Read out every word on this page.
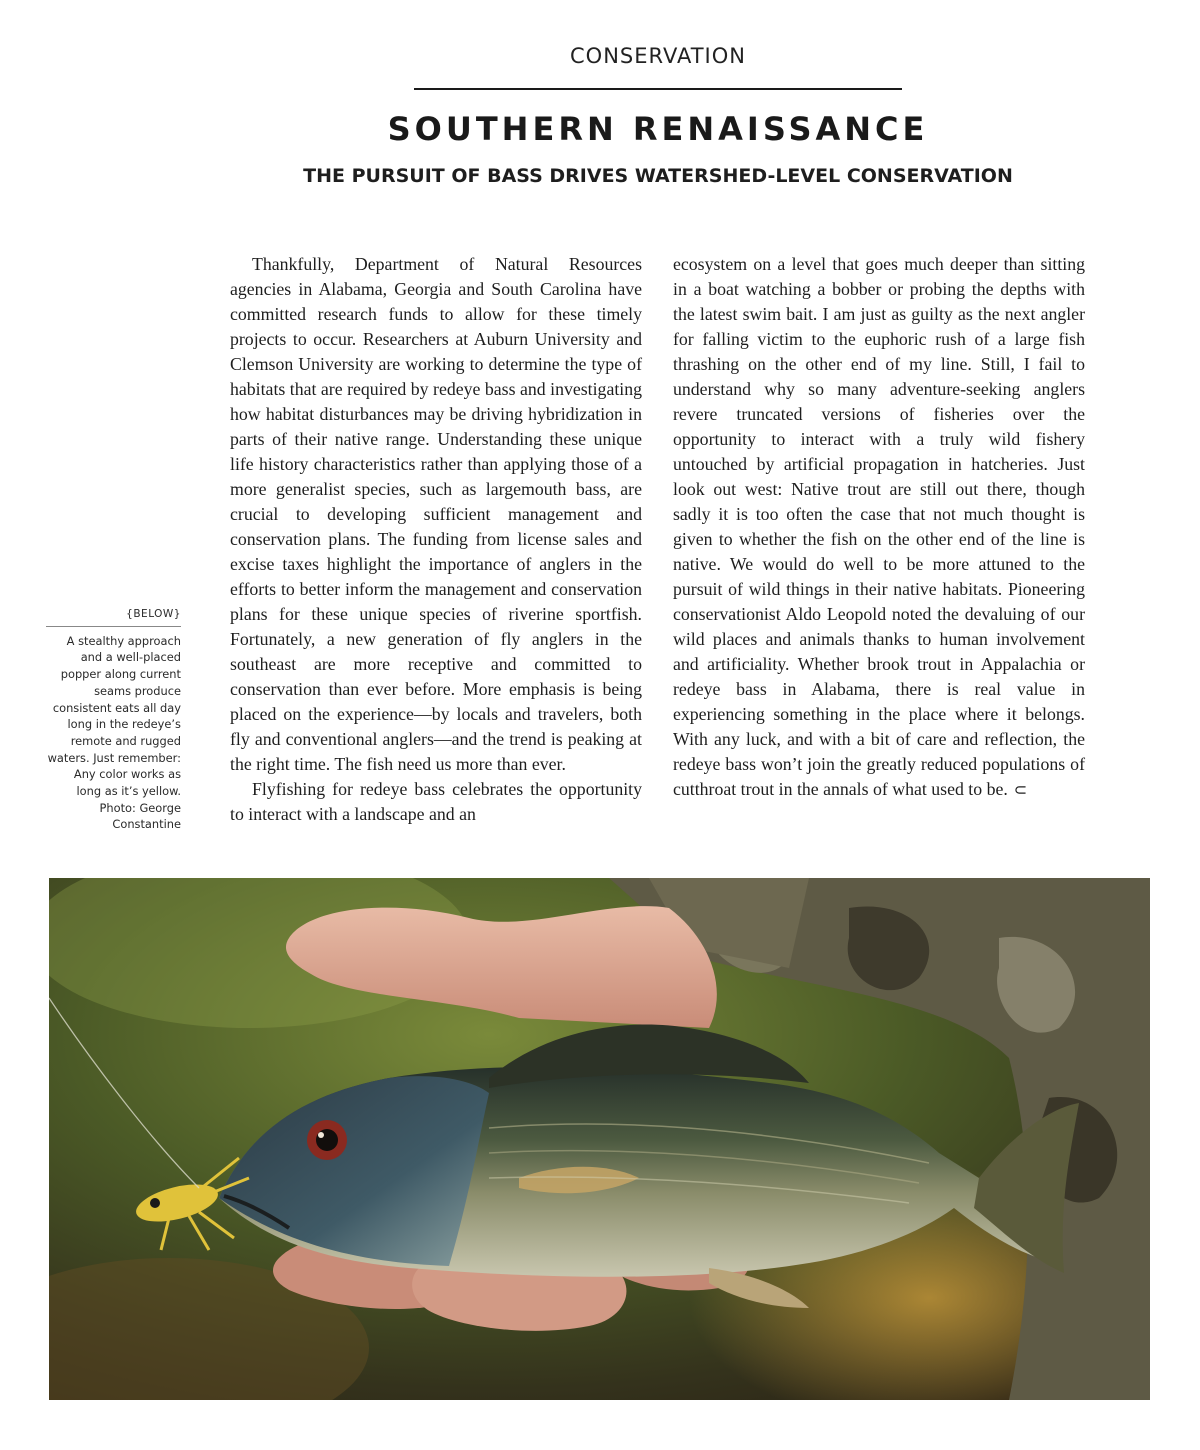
CONSERVATION
SOUTHERN RENAISSANCE
THE PURSUIT OF BASS DRIVES WATERSHED-LEVEL CONSERVATION
{BELOW}
A stealthy approach and a well-placed popper along current seams produce consistent eats all day long in the redeye’s remote and rugged waters. Just remember: Any color works as long as it’s yellow. Photo: George Constantine

Thankfully, Department of Natural Resources agencies in Alabama, Georgia and South Carolina have committed research funds to allow for these timely projects to occur. Researchers at Auburn University and Clemson University are working to determine the type of habitats that are required by redeye bass and investigating how habitat disturbances may be driving hybridization in parts of their native range. Understanding these unique life history characteristics rather than applying those of a more generalist species, such as largemouth bass, are crucial to developing sufficient management and conservation plans. The funding from license sales and excise taxes highlight the importance of anglers in the efforts to better inform the management and conservation plans for these unique species of riverine sportfish. Fortunately, a new generation of fly anglers in the southeast are more receptive and committed to conservation than ever before. More emphasis is being placed on the experience—by locals and travelers, both fly and conventional anglers—and the trend is peaking at the right time. The fish need us more than ever.

Flyfishing for redeye bass celebrates the opportunity to interact with a landscape and an

ecosystem on a level that goes much deeper than sitting in a boat watching a bobber or probing the depths with the latest swim bait. I am just as guilty as the next angler for falling victim to the euphoric rush of a large fish thrashing on the other end of my line. Still, I fail to understand why so many adventure-seeking anglers revere truncated versions of fisheries over the opportunity to interact with a truly wild fishery untouched by artificial propagation in hatcheries. Just look out west: Native trout are still out there, though sadly it is too often the case that not much thought is given to whether the fish on the other end of the line is native. We would do well to be more attuned to the pursuit of wild things in their native habitats. Pioneering conservationist Aldo Leopold noted the devaluing of our wild places and animals thanks to human involvement and artificiality. Whether brook trout in Appalachia or redeye bass in Alabama, there is real value in experiencing something in the place where it belongs. With any luck, and with a bit of care and reflection, the redeye bass won’t join the greatly reduced populations of cutthroat trout in the annals of what used to be. ⊂
